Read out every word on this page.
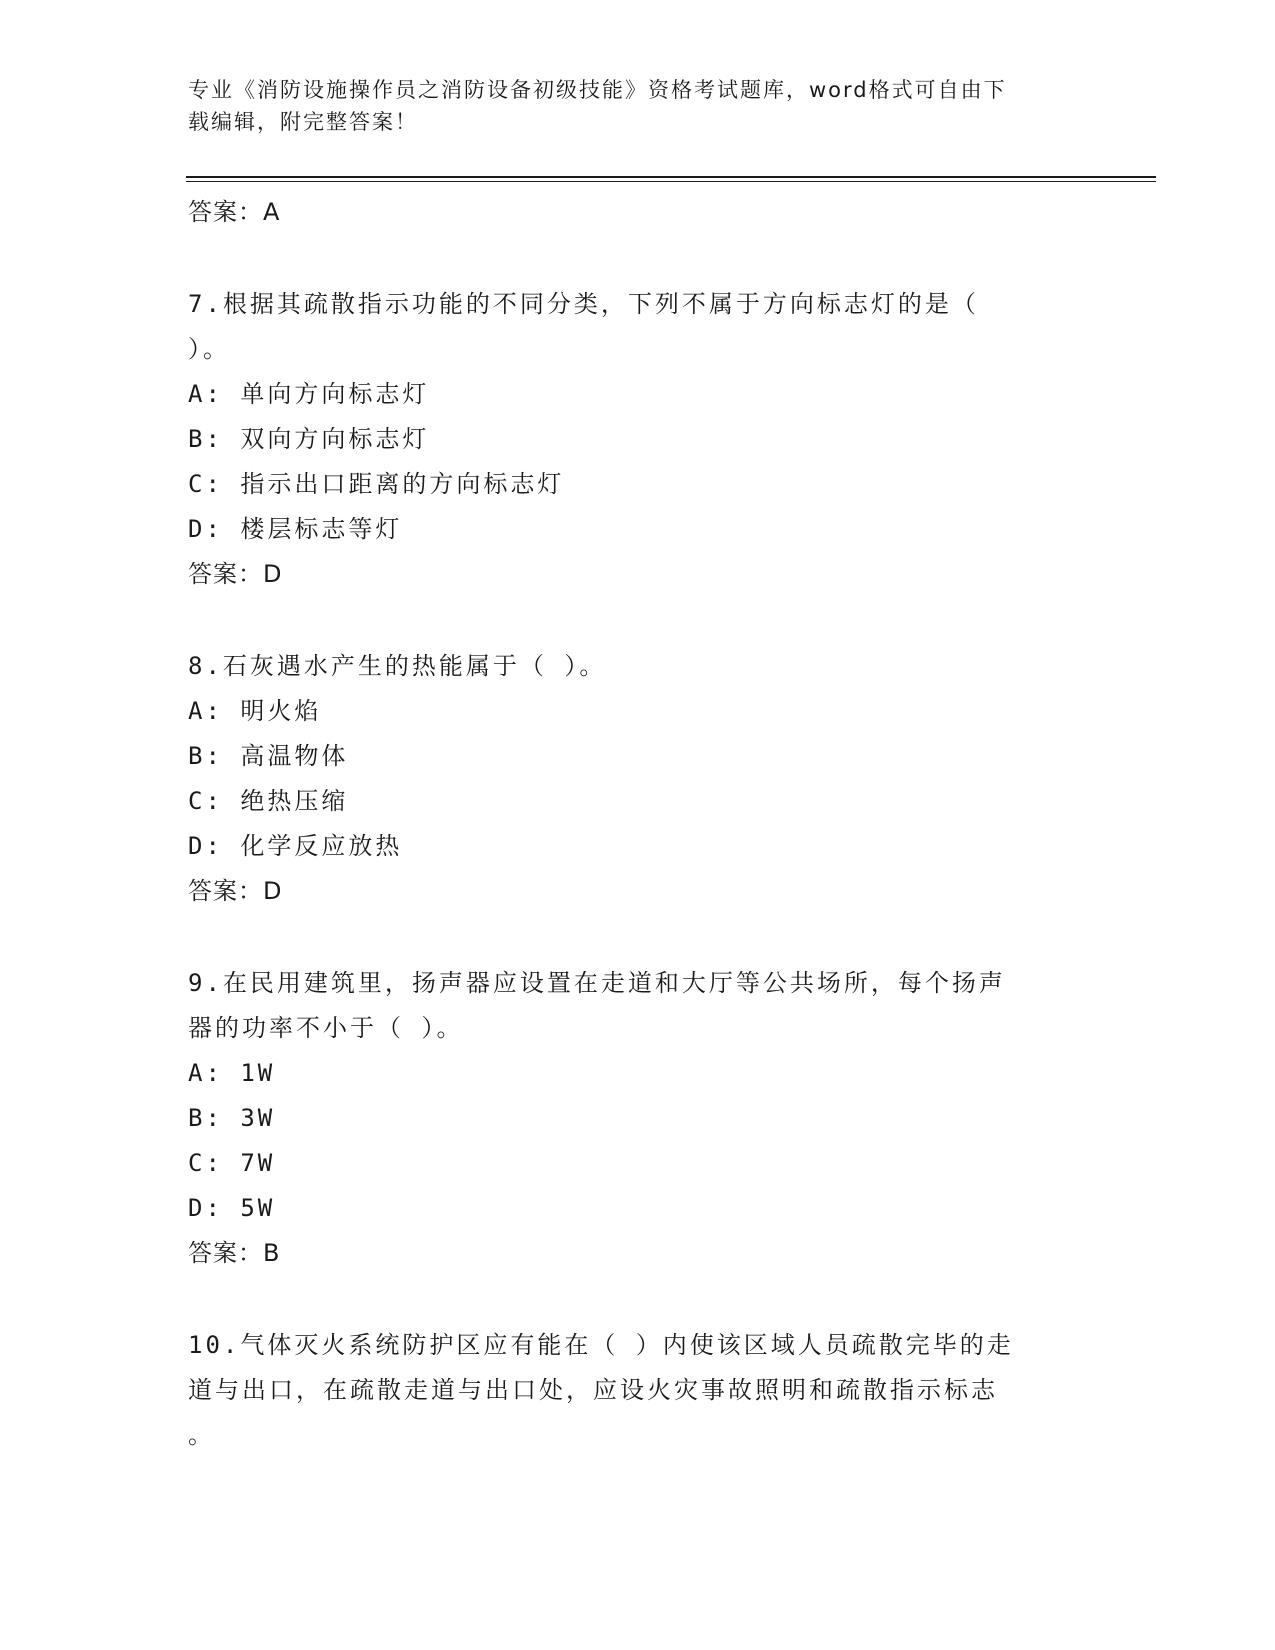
专业《消防设施操作员之消防设备初级技能》资格考试题库，word格式可自由下
载编辑，附完整答案！
答案：A
7.根据其疏散指示功能的不同分类，下列不属于方向标志灯的是（
）。
A: 单向方向标志灯
B: 双向方向标志灯
C: 指示出口距离的方向标志灯
D: 楼层标志等灯
答案：D
8.石灰遇水产生的热能属于（ ）。
A: 明火焰
B: 高温物体
C: 绝热压缩
D: 化学反应放热
答案：D
9.在民用建筑里，扬声器应设置在走道和大厅等公共场所，每个扬声
器的功率不小于（ ）。
A: 1W
B: 3W
C: 7W
D: 5W
答案：B
10.气体灭火系统防护区应有能在（ ）内使该区域人员疏散完毕的走
道与出口，在疏散走道与出口处，应设火灾事故照明和疏散指示标志
。
